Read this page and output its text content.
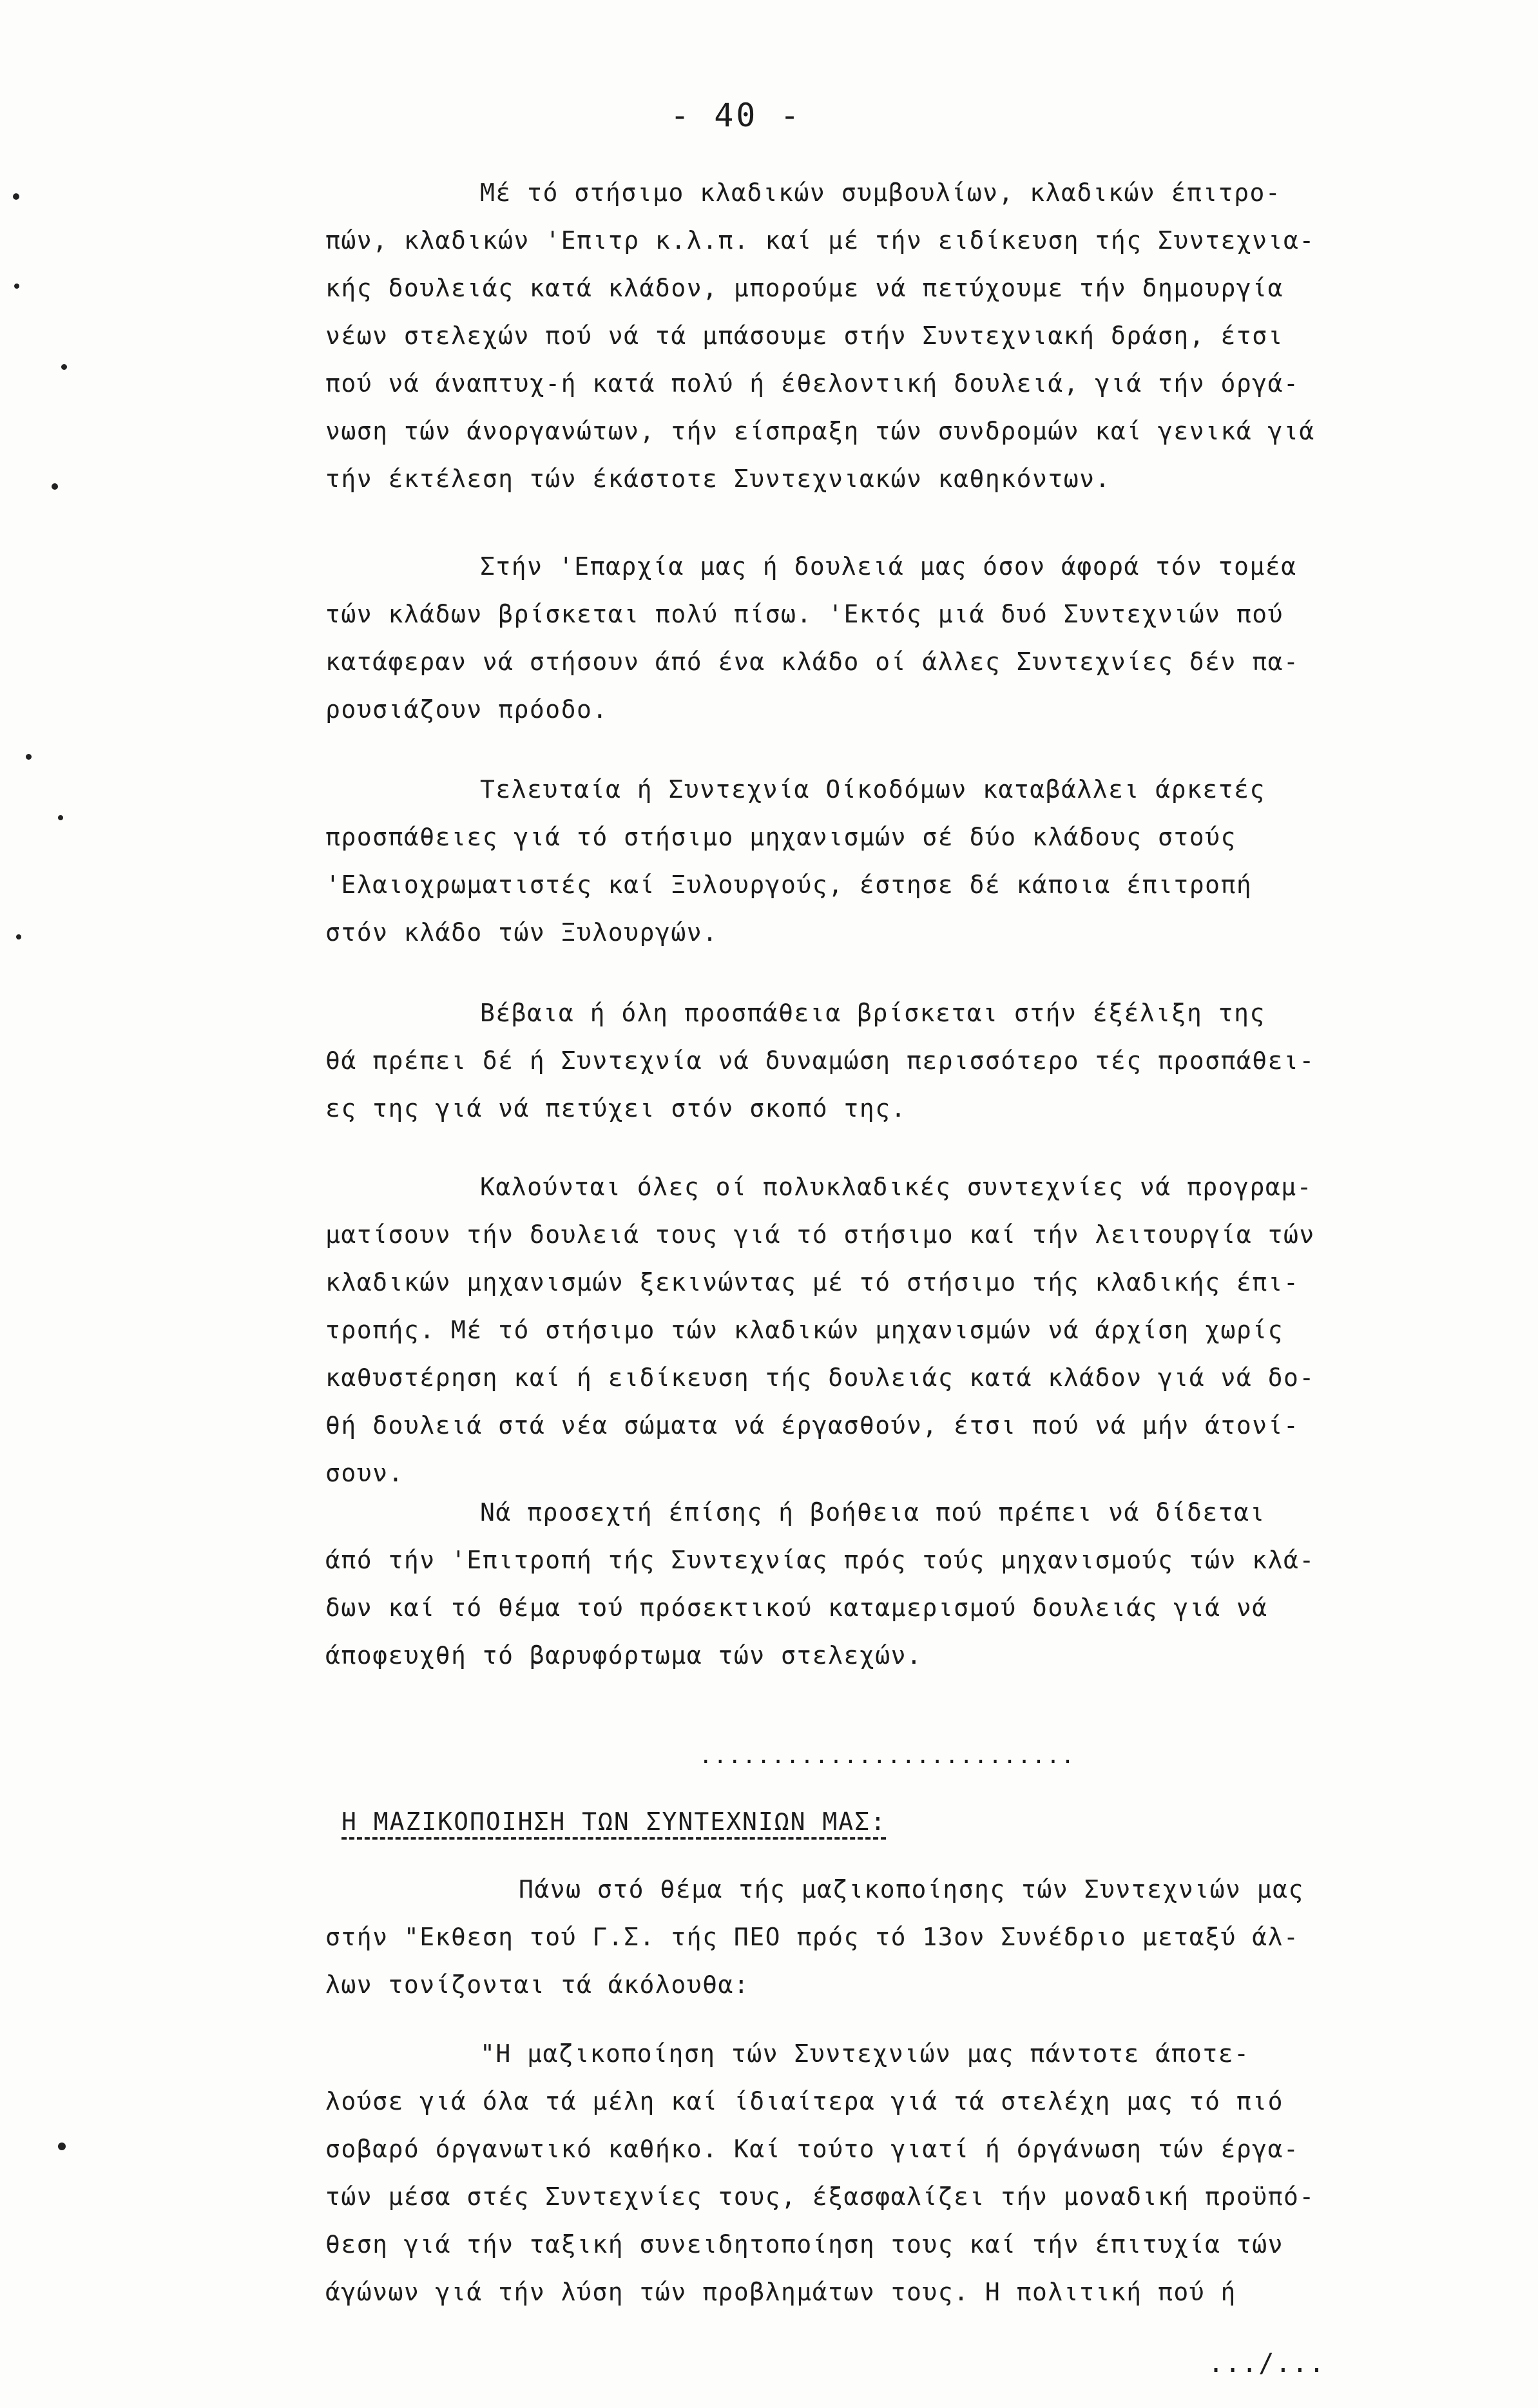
- 40 -
Μέ τό στήσιμο κλαδικών συμβουλίων, κλαδικών έπιτρο-
πών, κλαδικών 'Επιτρ κ.λ.π. καί μέ τήν ειδίκευση τής Συντεχνια-
κής δουλειάς κατά κλάδον, μπορούμε νά πετύχουμε τήν δημουργία
νέων στελεχών πού νά τά μπάσουμε στήν Συντεχνιακή δράση, έτσι
πού νά άναπτυχ-ή κατά πολύ ή έθελοντική δουλειά, γιά τήν όργά-
νωση τών άνοργανώτων, τήν είσπραξη τών συνδρομών καί γενικά γιά
τήν έκτέλεση τών έκάστοτε Συντεχνιακών καθηκόντων.
Στήν 'Επαρχία μας ή δουλειά μας όσον άφορά τόν τομέα
τών κλάδων βρίσκεται πολύ πίσω. 'Εκτός μιά δυό Συντεχνιών πού
κατάφεραν νά στήσουν άπό ένα κλάδο οί άλλες Συντεχνίες δέν πα-
ρουσιάζουν πρόοδο.
Τελευταία ή Συντεχνία Οίκοδόμων καταβάλλει άρκετές
προσπάθειες γιά τό στήσιμο μηχανισμών σέ δύο κλάδους στούς
'Ελαιοχρωματιστές καί Ξυλουργούς, έστησε δέ κάποια έπιτροπή
στόν κλάδο τών Ξυλουργών.
Βέβαια ή όλη προσπάθεια βρίσκεται στήν έξέλιξη της
θά πρέπει δέ ή Συντεχνία νά δυναμώση περισσότερο τές προσπάθει-
ες της γιά νά πετύχει στόν σκοπό της.
Καλούνται όλες οί πολυκλαδικές συντεχνίες νά προγραμ-
ματίσουν τήν δουλειά τους γιά τό στήσιμο καί τήν λειτουργία τών
κλαδικών μηχανισμών ξεκινώντας μέ τό στήσιμο τής κλαδικής έπι-
τροπής. Μέ τό στήσιμο τών κλαδικών μηχανισμών νά άρχίση χωρίς
καθυστέρηση καί ή ειδίκευση τής δουλειάς κατά κλάδον γιά νά δο-
θή δουλειά στά νέα σώματα νά έργασθούν, έτσι πού νά μήν άτονί-
σουν.
Νά προσεχτή έπίσης ή βοήθεια πού πρέπει νά δίδεται
άπό τήν 'Επιτροπή τής Συντεχνίας πρός τούς μηχανισμούς τών κλά-
δων καί τό θέμα τού πρόσεκτικού καταμερισμού δουλειάς γιά νά
άποφευχθή τό βαρυφόρτωμα τών στελεχών.
..........................
Η ΜΑΖΙΚΟΠΟΙΗΣΗ ΤΩΝ ΣΥΝΤΕΧΝΙΩΝ ΜΑΣ:
Πάνω στό θέμα τής μαζικοποίησης τών Συντεχνιών μας
στήν "Εκθεση τού Γ.Σ. τής ΠΕΟ πρός τό 13ον Συνέδριο μεταξύ άλ-
λων τονίζονται τά άκόλουθα:
"Η μαζικοποίηση τών Συντεχνιών μας πάντοτε άποτε-
λούσε γιά όλα τά μέλη καί ίδιαίτερα γιά τά στελέχη μας τό πιό
σοβαρό όργανωτικό καθήκο. Καί τούτο γιατί ή όργάνωση τών έργα-
τών μέσα στές Συντεχνίες τους, έξασφαλίζει τήν μοναδική προϋπό-
θεση γιά τήν ταξική συνειδητοποίηση τους καί τήν έπιτυχία τών
άγώνων γιά τήν λύση τών προβλημάτων τους. Η πολιτική πού ή
.../...
